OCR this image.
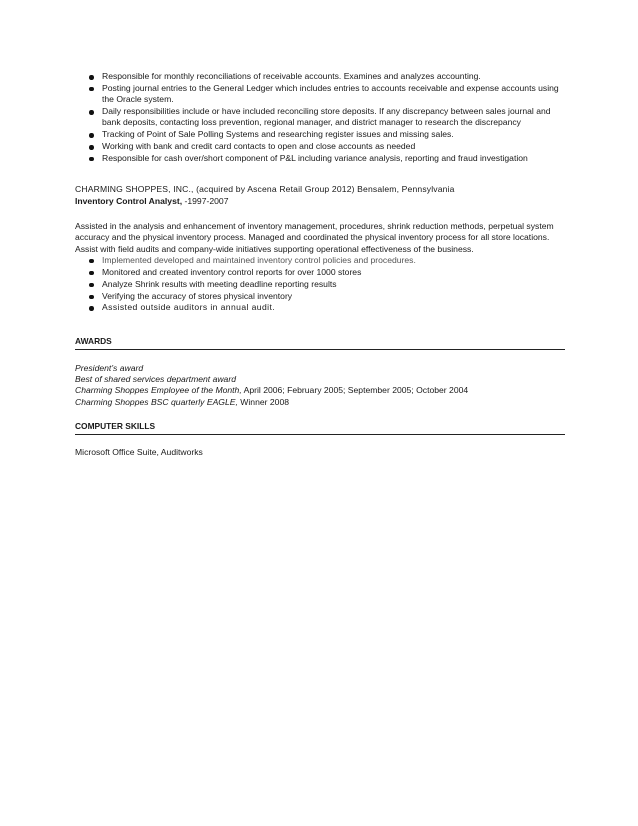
Responsible for monthly reconciliations of receivable accounts. Examines and analyzes accounting.
Posting journal entries to the General Ledger which includes entries to accounts receivable and expense accounts using the Oracle system.
Daily responsibilities include or have included reconciling store deposits. If any discrepancy between sales journal and bank deposits, contacting loss prevention, regional manager, and district manager to research the discrepancy
Tracking of Point of Sale Polling Systems and researching register issues and missing sales.
Working with bank and credit card contacts to open and close accounts as needed
Responsible for cash over/short component of P&L including variance analysis, reporting and fraud investigation
CHARMING SHOPPES, INC., (acquired by Ascena Retail Group 2012) Bensalem, Pennsylvania
Inventory Control Analyst, -1997-2007
Assisted in the analysis and enhancement of inventory management, procedures, shrink reduction methods, perpetual system accuracy and the physical inventory process. Managed and coordinated the physical inventory process for all store locations. Assist with field audits and company-wide initiatives supporting operational effectiveness of the business.
Implemented developed and maintained inventory control policies and procedures.
Monitored and created inventory control reports for over 1000 stores
Analyze Shrink results with meeting deadline reporting results
Verifying the accuracy of stores physical inventory
Assisted outside auditors in annual audit.
AWARDS
President’s award
Best of shared services department award
Charming Shoppes Employee of the Month, April 2006; February 2005; September 2005; October 2004
Charming Shoppes BSC quarterly EAGLE, Winner 2008
COMPUTER SKILLS
Microsoft Office Suite, Auditworks
